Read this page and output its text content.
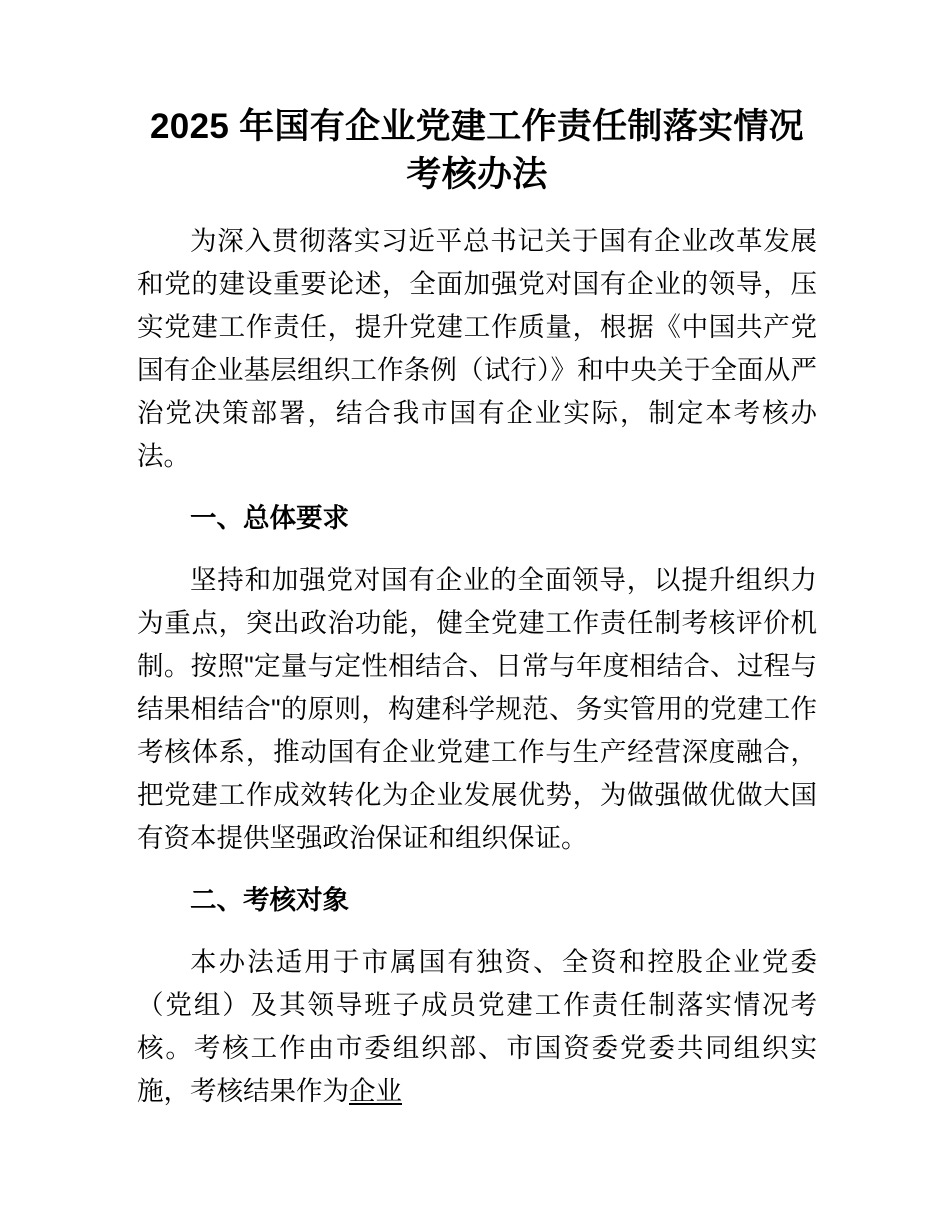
2025 年国有企业党建工作责任制落实情况考核办法

为深入贯彻落实习近平总书记关于国有企业改革发展和党的建设重要论述，全面加强党对国有企业的领导，压实党建工作责任，提升党建工作质量，根据《中国共产党国有企业基层组织工作条例（试行）》和中央关于全面从严治党决策部署，结合我市国有企业实际，制定本考核办法。

一、总体要求

坚持和加强党对国有企业的全面领导，以提升组织力为重点，突出政治功能，健全党建工作责任制考核评价机制。按照"定量与定性相结合、日常与年度相结合、过程与结果相结合"的原则，构建科学规范、务实管用的党建工作考核体系，推动国有企业党建工作与生产经营深度融合，把党建工作成效转化为企业发展优势，为做强做优做大国有资本提供坚强政治保证和组织保证。

二、考核对象

本办法适用于市属国有独资、全资和控股企业党委（党组）及其领导班子成员党建工作责任制落实情况考核。考核工作由市委组织部、市国资委党委共同组织实施，考核结果作为企业
